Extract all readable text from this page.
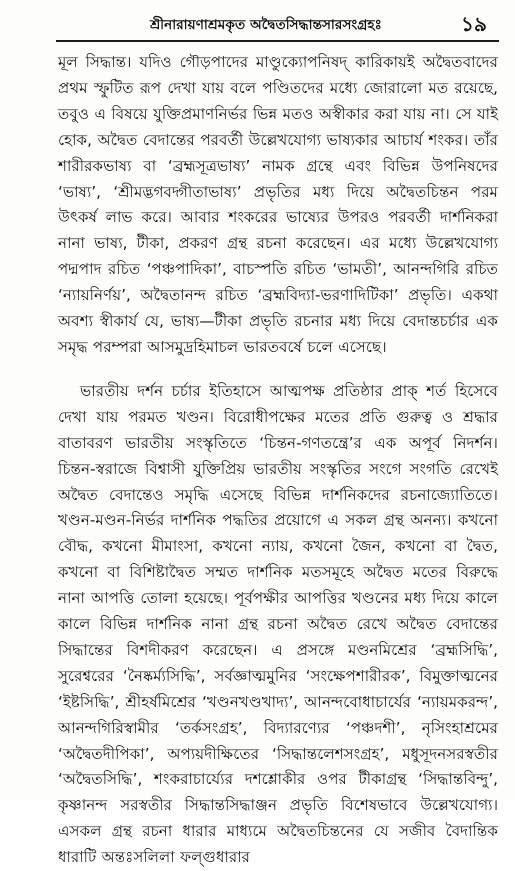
শ্রীনারায়ণাশ্রমকৃত অদ্বৈতসিদ্ধান্তসারসংগ্রহঃ	১৯

মূল সিদ্ধান্ত। যদিও গৌড়পাদের মাণ্ডুক্যোপনিষদ্ কারিকায়ই অদ্বৈতবাদের প্রথম স্ফুটিত রূপ দেখা যায় বলে পণ্ডিতদের মধ্যে জোরালো মত রয়েছে, তবুও এ বিষয়ে যুক্তিপ্রমাণনির্ভর ভিন্ন মতও অস্বীকার করা যায় না। সে যাই হোক, অদ্বৈত বেদান্তের পরবর্তী উল্লেখযোগ্য ভাষ্যকার আচার্য শংকর। তাঁর শারীরকভাষ্য বা ‘ব্রহ্মসূত্রভাষ্য’ নামক গ্রন্থে এবং বিভিন্ন উপনিষদের ‘ভাষ্য’, ‘শ্রীমদ্ভগবদ্গীতাভাষ্য’ প্রভৃতির মধ্য দিয়ে অদ্বৈতচিন্তন পরম উৎকর্ষ লাভ করে। আবার শংকরের ভাষ্যের উপরও পরবর্তী দার্শনিকরা নানা ভাষ্য, টীকা, প্রকরণ গ্রন্থ রচনা করেছেন। এর মধ্যে উল্লেখযোগ্য পদ্মপাদ রচিত ‘পঞ্চপাদিকা’, বাচস্পতি রচিত ‘ভামতী’, আনন্দগিরি রচিত ‘ন্যায়নির্ণয়’, অদ্বৈতানন্দ রচিত ‘ব্রহ্মবিদ্যা-ভরণাদিটিকা’ প্রভৃতি। একথা অবশ্য স্বীকার্য যে, ভাষ্য—টীকা প্রভৃতি রচনার মধ্য দিয়ে বেদান্তচর্চার এক সমৃদ্ধ পরম্পরা আসমুদ্রহিমাচল ভারতবর্ষে চলে এসেছে।

ভারতীয় দর্শন চর্চার ইতিহাসে আত্মপক্ষ প্রতিষ্ঠার প্রাক্ শর্ত হিসেবে দেখা যায় পরমত খণ্ডন। বিরোধীপক্ষের মতের প্রতি গুরুত্ব ও শ্রদ্ধার বাতাবরণ ভারতীয় সংস্কৃতিতে ‘চিন্তন-গণতন্ত্রে’র এক অপূর্ব নিদর্শন। চিন্তন-স্বরাজে বিশ্বাসী যুক্তিপ্রিয় ভারতীয় সংস্কৃতির সংগে সংগতি রেখেই অদ্বৈত বেদান্তেও সমৃদ্ধি এসেছে বিভিন্ন দার্শনিকদের রচনাজ্যোতিতে। খণ্ডন-মণ্ডন-নির্ভর দার্শনিক পদ্ধতির প্রয়োগে এ সকল গ্রন্থ অনন্য। কখনো বৌদ্ধ, কখনো মীমাংসা, কখনো ন্যায়, কখনো জৈন, কখনো বা দ্বৈত, কখনো বা বিশিষ্টাদ্বৈত সম্মত দার্শনিক মতসমূহে অদ্বৈত মতের বিরুদ্ধে নানা আপত্তি তোলা হয়েছে। পূর্বপক্ষীর আপত্তির খণ্ডনের মধ্য দিয়ে কালে কালে বিভিন্ন দার্শনিক নানা গ্রন্থ রচনা অদ্বৈত রেখে অদ্বৈত বেদান্তের সিদ্ধান্তের বিশদীকরণ করেছেন। এ প্রসঙ্গে মণ্ডনমিশ্রের ‘ব্রহ্মসিদ্ধি’, সুরেশ্বরের ‘নৈষ্কর্ম্যসিদ্ধি’, সর্বজ্ঞাত্মমুনির ‘সংক্ষেপশারীরক’, বিমুক্তাত্মনের ‘ইষ্টসিদ্ধি’, শ্রীহর্ষমিশ্রের ‘খণ্ডনখণ্ডখাদ্য’, আনন্দবোধাচার্যের ‘ন্যায়মকরন্দ’, আনন্দগিরিস্বামীর ‘তর্কসংগ্রহ’, বিদ্যারণ্যের ‘পঞ্চদশী’, নৃসিংহাশ্রমের ‘অদ্বৈতদীপিকা’, অপ্যয়দীক্ষিতের ‘সিদ্ধান্তলেশসংগ্রহ’, মধুসূদনসরস্বতীর ‘অদ্বৈতসিদ্ধি’, শংকরাচার্য্যের দশশ্লোকীর ওপর টীকাগ্রন্থ ‘সিদ্ধান্তবিন্দু’, কৃষ্ণানন্দ সরস্বতীর সিদ্ধান্তসিদ্ধাঞ্জন প্রভৃতি বিশেষভাবে উল্লেখযোগ্য। এসকল গ্রন্থ রচনা ধারার মাধ্যমে অদ্বৈতচিন্তনের যে সজীব বৈদান্তিক ধারাটি অন্তঃসলিলা ফল্গুধারার
